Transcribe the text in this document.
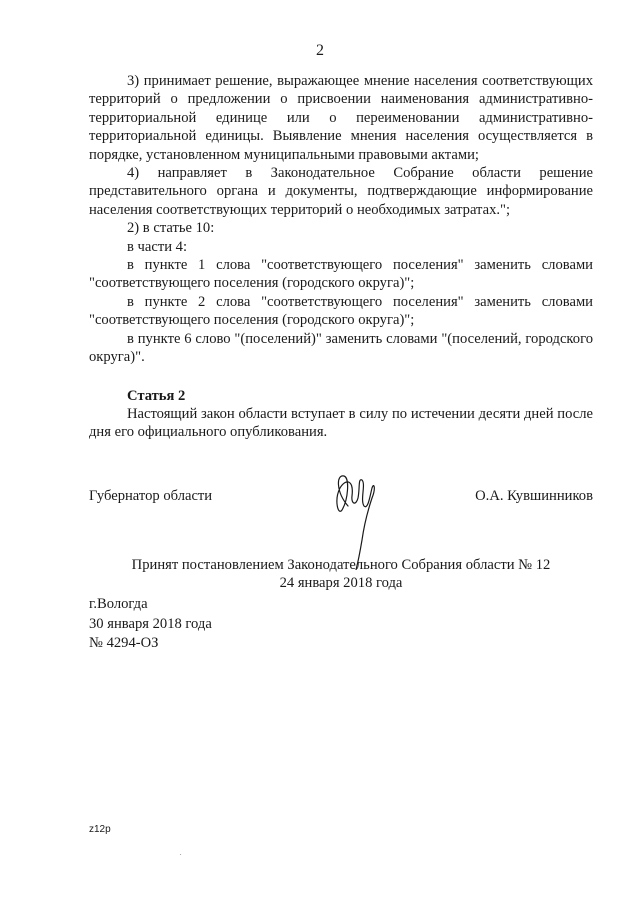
2

3) принимает решение, выражающее мнение населения соответствующих территорий о предложении о присвоении наименования административно-территориальной единице или о переименовании административно-территориальной единицы. Выявление мнения населения осуществляется в порядке, установленном муниципальными правовыми актами;

4) направляет в Законодательное Собрание области решение представительного органа и документы, подтверждающие информирование населения соответствующих территорий о необходимых затратах.";

2) в статье 10:

в части 4:

в пункте 1 слова "соответствующего поселения" заменить словами "соответствующего поселения (городского округа)";

в пункте 2 слова "соответствующего поселения" заменить словами "соответствующего поселения (городского округа)";

в пункте 6 слово "(поселений)" заменить словами "(поселений, городского округа)".

Статья 2

Настоящий закон области вступает в силу по истечении десяти дней после дня его официального опубликования.

Губернатор области	О.А. Кувшинников
Принят постановлением Законодательного Собрания области № 12
24 января 2018 года
г.Вологда
30 января 2018 года
№ 4294-ОЗ
z12p
.
